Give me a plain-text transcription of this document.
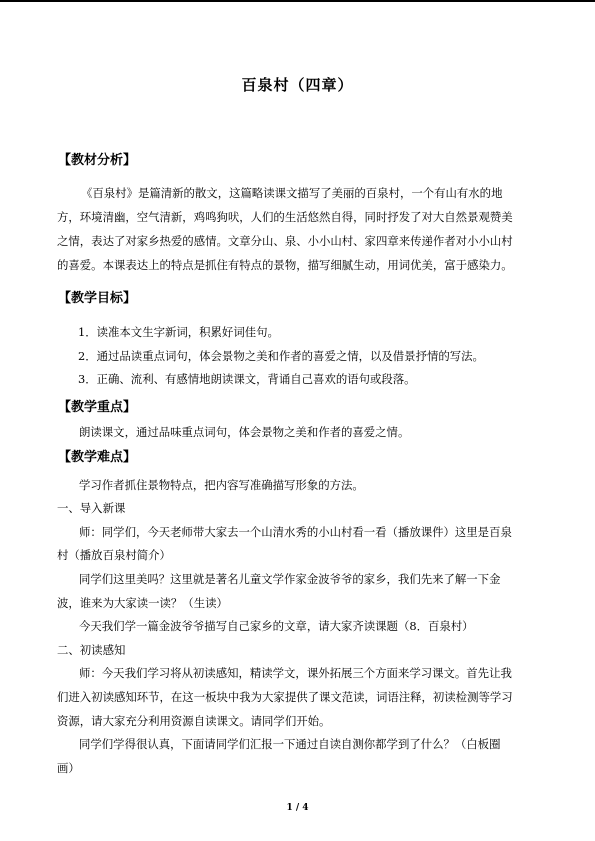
百泉村（四章）
【教材分析】
《百泉村》是篇清新的散文，这篇略读课文描写了美丽的百泉村，一个有山有水的地
方，环境清幽，空气清新，鸡鸣狗吠，人们的生活悠然自得，同时抒发了对大自然景观赞美
之情，表达了对家乡热爱的感情。文章分山、泉、小小山村、家四章来传递作者对小小山村
的喜爱。本课表达上的特点是抓住有特点的景物，描写细腻生动，用词优美，富于感染力。
【教学目标】
1．读准本文生字新词，积累好词佳句。
2．通过品读重点词句，体会景物之美和作者的喜爱之情，以及借景抒情的写法。
3．正确、流利、有感情地朗读课文，背诵自己喜欢的语句或段落。
【教学重点】
朗读课文，通过品味重点词句，体会景物之美和作者的喜爱之情。
【教学难点】
学习作者抓住景物特点，把内容写准确描写形象的方法。
一、导入新课
师：同学们，今天老师带大家去一个山清水秀的小山村看一看（播放课件）这里是百泉
村（播放百泉村简介）
同学们这里美吗？这里就是著名儿童文学作家金波爷爷的家乡，我们先来了解一下金
波，谁来为大家读一读？（生读）
今天我们学一篇金波爷爷描写自己家乡的文章，请大家齐读课题（8．百泉村）
二、初读感知
师：今天我们学习将从初读感知，精读学文，课外拓展三个方面来学习课文。首先让我
们进入初读感知环节，在这一板块中我为大家提供了课文范读，词语注释，初读检测等学习
资源，请大家充分利用资源自读课文。请同学们开始。
同学们学得很认真，下面请同学们汇报一下通过自读自测你都学到了什么？（白板圈
画）
1 / 4
